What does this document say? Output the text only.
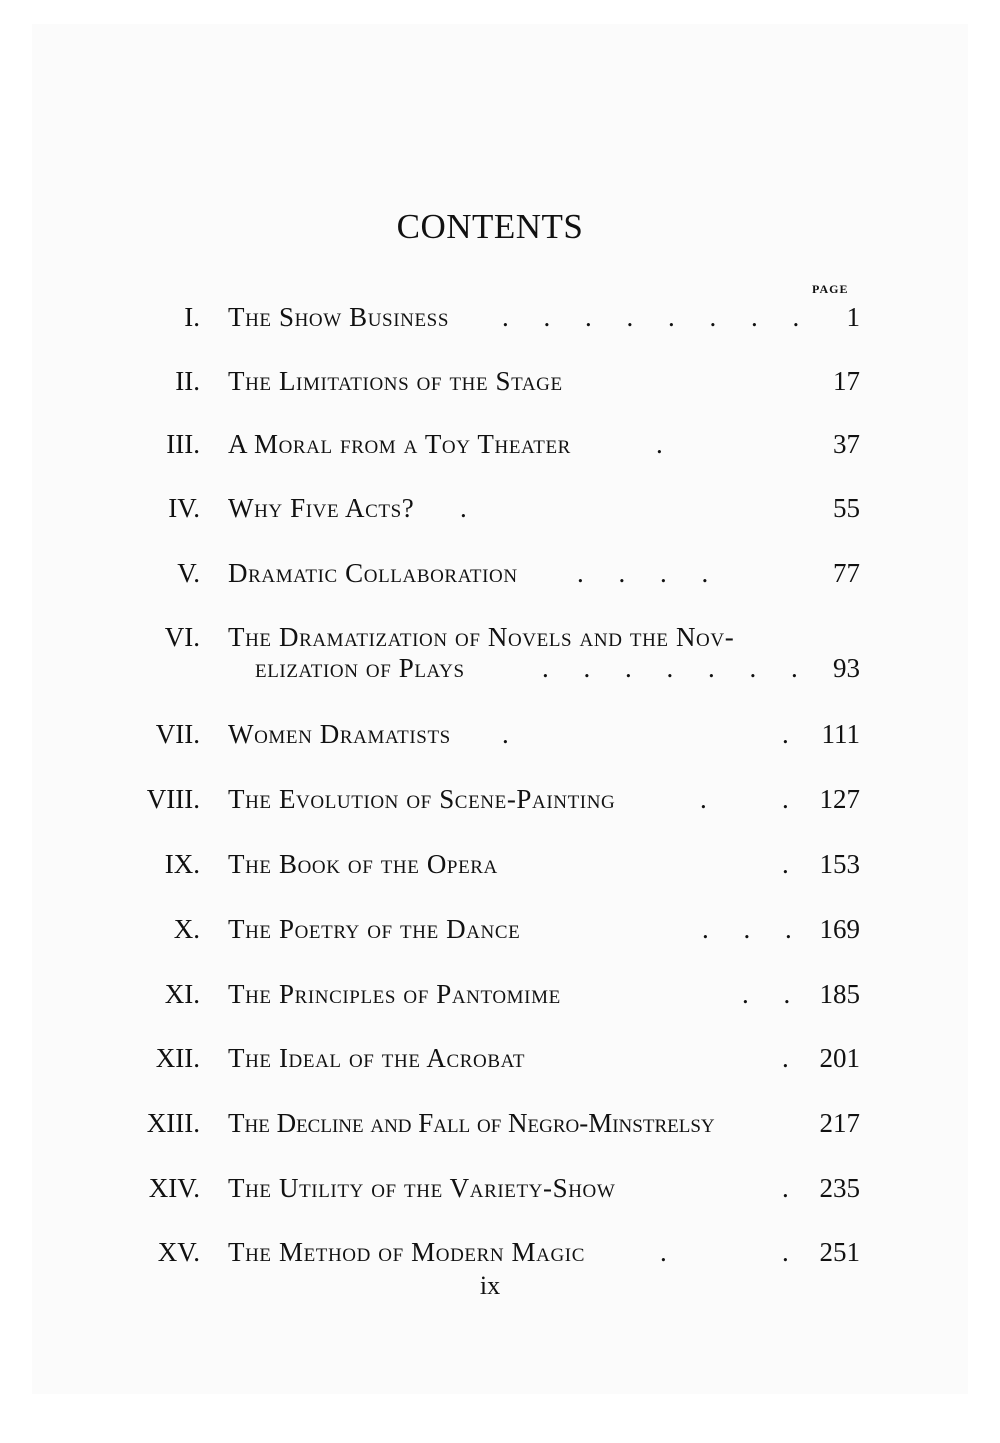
CONTENTS
PAGE
I. The Show Business . . . . . . . .	1
II. The Limitations of the Stage	17
III. A Moral from a Toy Theater	.	37
IV. Why Five Acts? .	55
V. Dramatic Collaboration . . . .	77
VI. The Dramatization of Novels and the Nov-
elization of Plays	. . . . . . . 93
VII. Women Dramatists .	. 111
VIII. The Evolution of Scene-Painting	. . 127
IX. The Book of the Opera	. 153
X. The Poetry of the Dance	. . . 169
XI. The Principles of Pantomime	. . 185
XII. The Ideal of the Acrobat	. 201
XIII. The Decline and Fall of Negro-Minstrelsy	217
XIV. The Utility of the Variety-Show	. 235
XV. The Method of Modern Magic	.	. 251
ix
